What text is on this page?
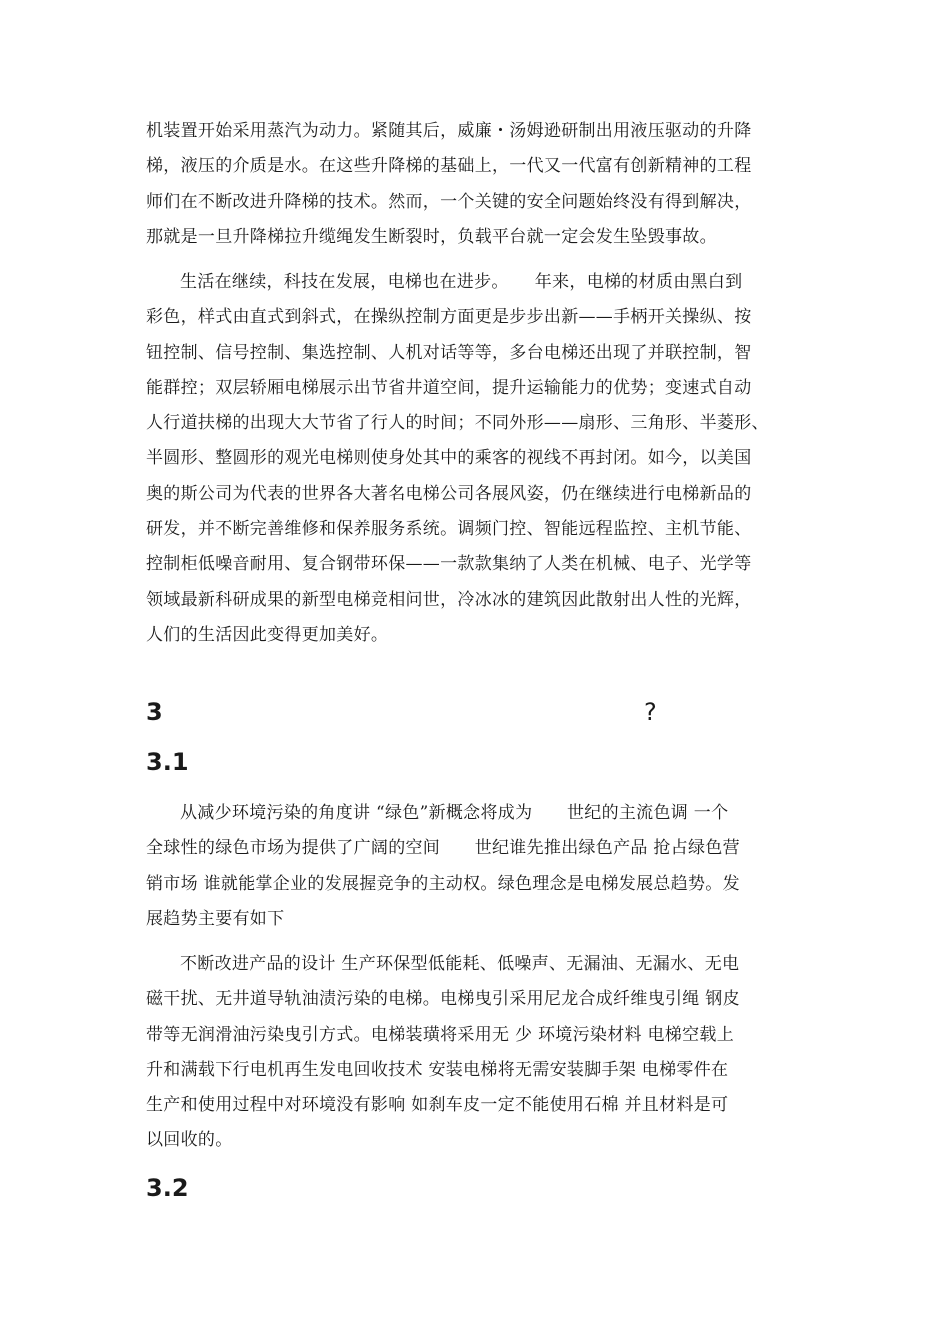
机装置开始采用蒸汽为动力。紧随其后，威廉・汤姆逊研制出用液压驱动的升降
梯，液压的介质是水。在这些升降梯的基础上，一代又一代富有创新精神的工程
师们在不断改进升降梯的技术。然而，一个关键的安全问题始终没有得到解决，
那就是一旦升降梯拉升缆绳发生断裂时，负载平台就一定会发生坠毁事故。

生活在继续，科技在发展，电梯也在进步。　　年来，电梯的材质由黑白到
彩色，样式由直式到斜式，在操纵控制方面更是步步出新——手柄开关操纵、按
钮控制、信号控制、集选控制、人机对话等等，多台电梯还出现了并联控制，智
能群控；双层轿厢电梯展示出节省井道空间，提升运输能力的优势；变速式自动
人行道扶梯的出现大大节省了行人的时间；不同外形——扇形、三角形、半菱形、
半圆形、整圆形的观光电梯则使身处其中的乘客的视线不再封闭。如今，以美国
奥的斯公司为代表的世界各大著名电梯公司各展风姿，仍在继续进行电梯新品的
研发，并不断完善维修和保养服务系统。调频门控、智能远程监控、主机节能、
控制柜低噪音耐用、复合钢带环保——一款款集纳了人类在机械、电子、光学等
领域最新科研成果的新型电梯竞相问世，冷冰冰的建筑因此散射出人性的光辉，
人们的生活因此变得更加美好。

3	?
3.1

从减少环境污染的角度讲 “绿色”新概念将成为　　世纪的主流色调 一个
全球性的绿色市场为提供了广阔的空间　　世纪谁先推出绿色产品 抢占绿色营
销市场 谁就能掌企业的发展握竞争的主动权。绿色理念是电梯发展总趋势。发
展趋势主要有如下

不断改进产品的设计 生产环保型低能耗、低噪声、无漏油、无漏水、无电
磁干扰、无井道导轨油渍污染的电梯。电梯曳引采用尼龙合成纤维曳引绳 钢皮
带等无润滑油污染曳引方式。电梯装璜将采用无 少 环境污染材料 电梯空载上
升和满载下行电机再生发电回收技术 安装电梯将无需安装脚手架 电梯零件在
生产和使用过程中对环境没有影响 如刹车皮一定不能使用石棉 并且材料是可
以回收的。

3.2
